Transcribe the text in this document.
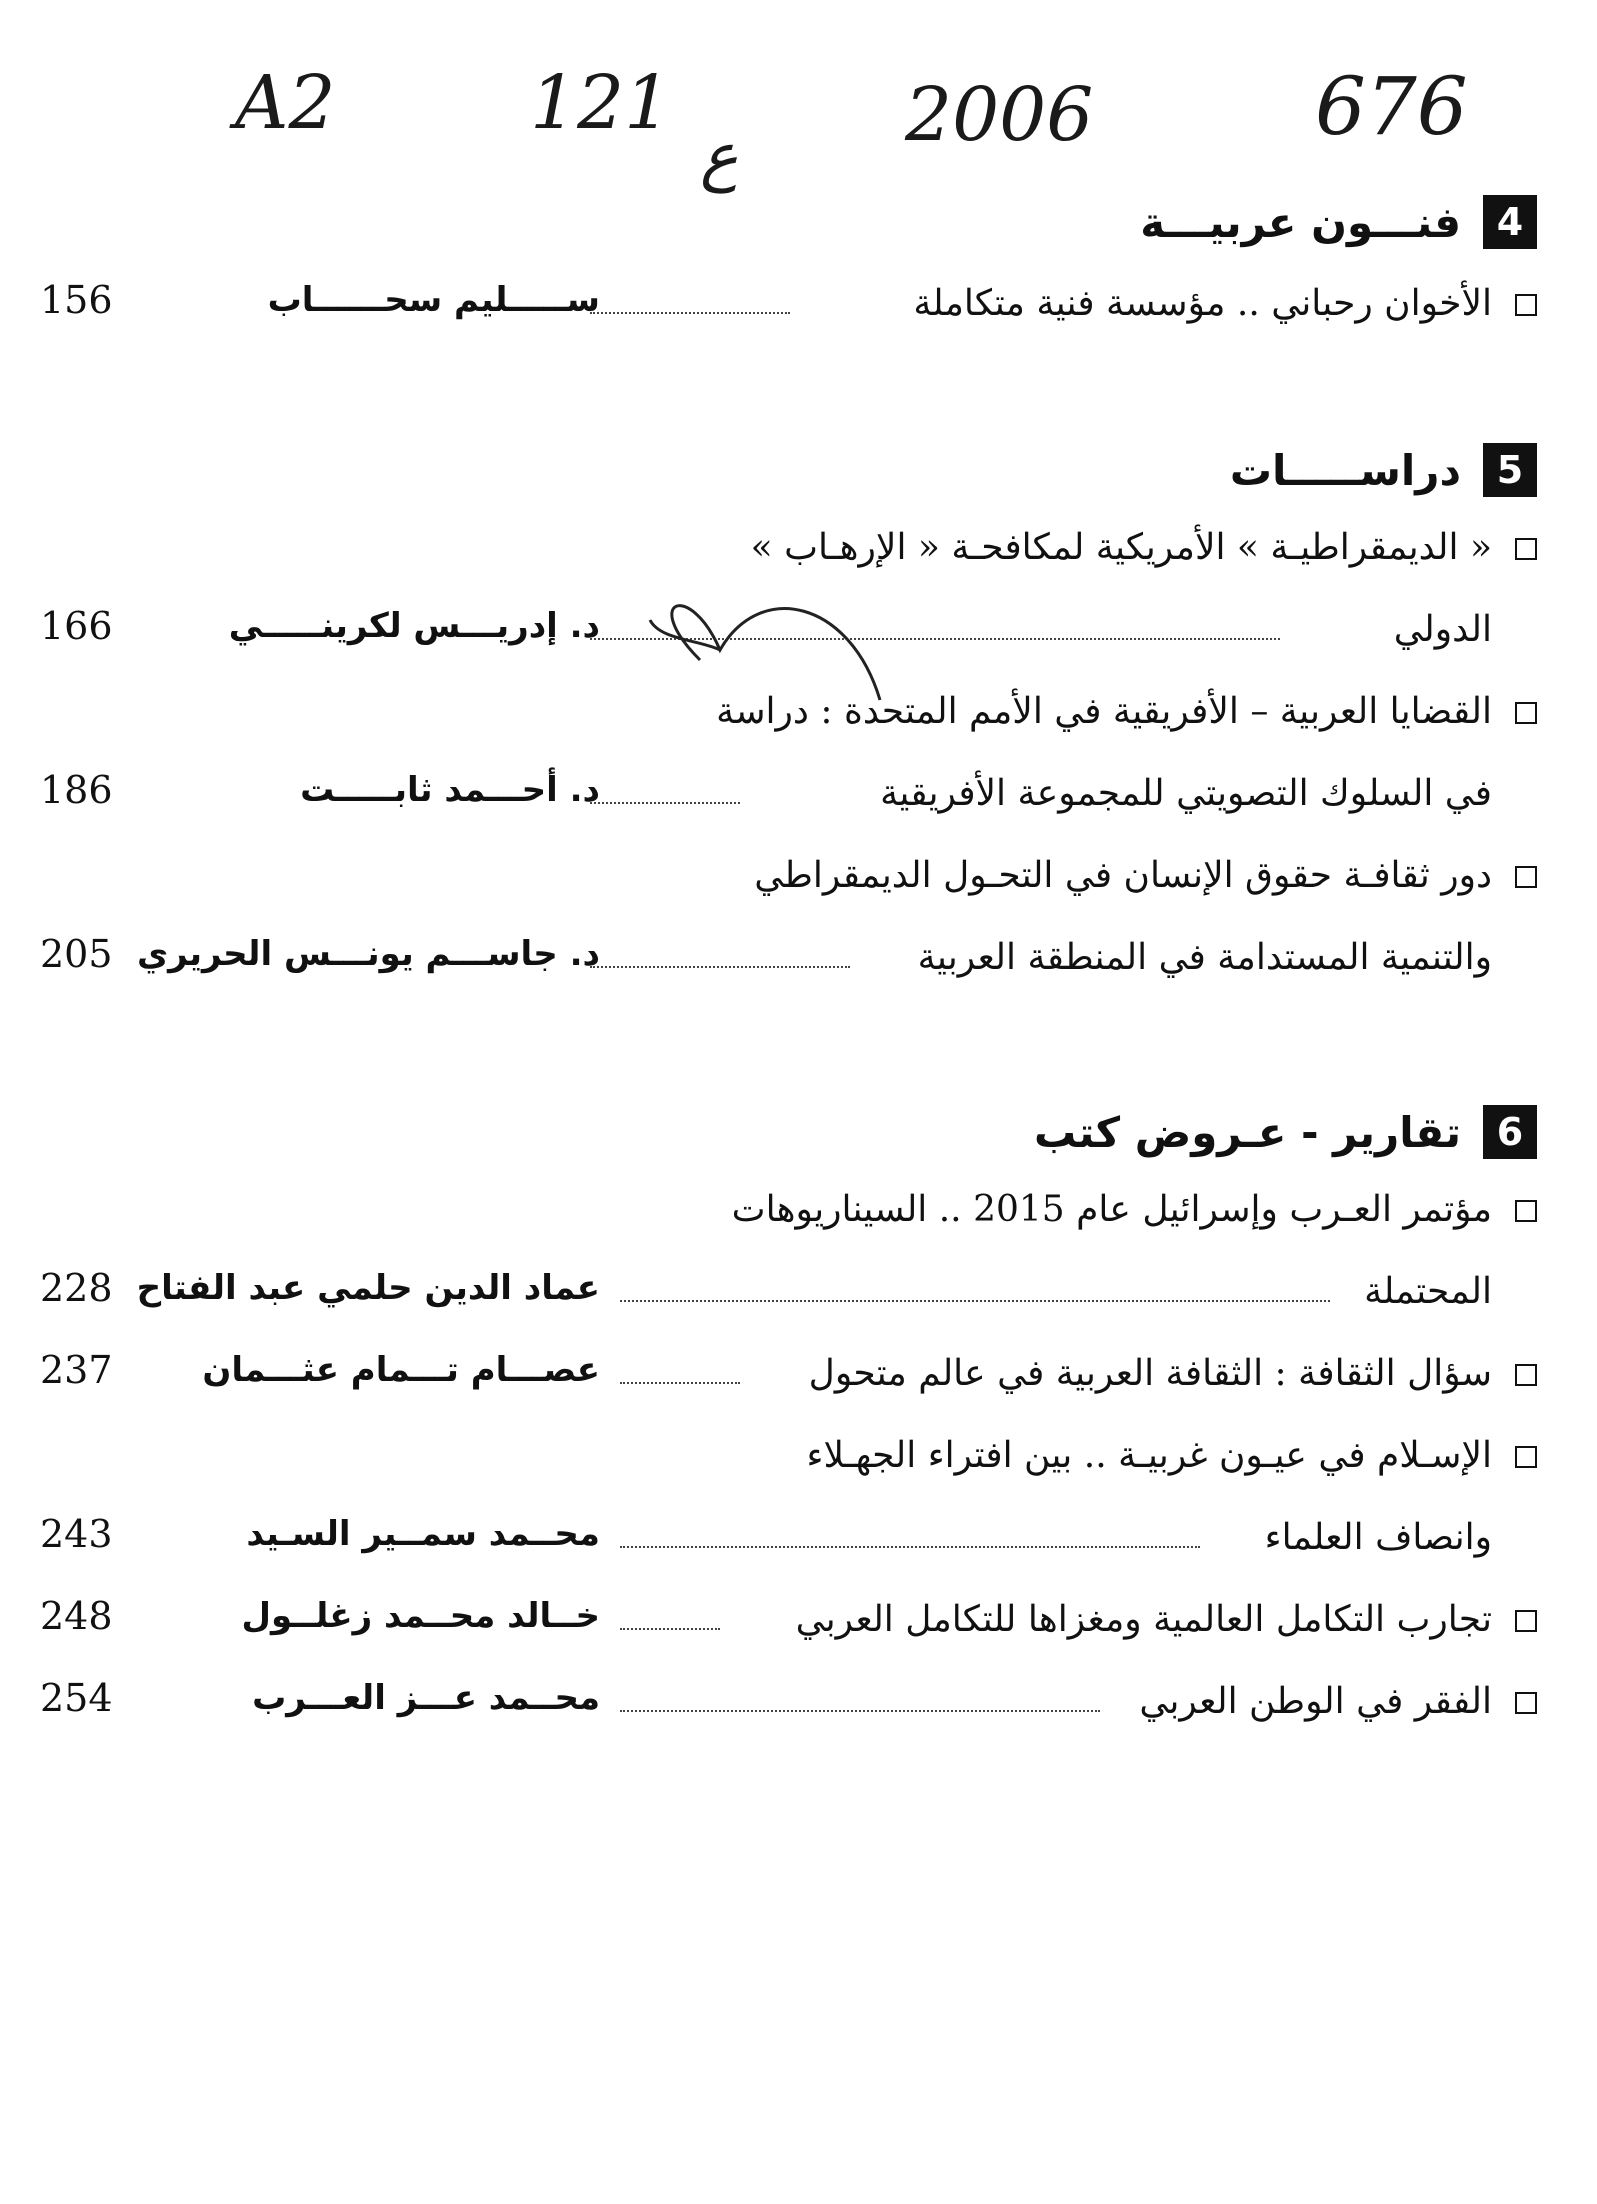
A2	121
ع 2006	676
4
فنـــون عربيـــة
الأخوان رحباني .. مؤسسة فنية متكاملة
ســـــليم سحــــــاب
156
5
دراســـــات
« الديمقراطيـة » الأمريكية لمكافحـة « الإرهـاب »
الدولي
د. إدريـــس لكرينـــــي
166
القضايا العربية – الأفريقية في الأمم المتحدة : دراسة
في السلوك التصويتي للمجموعة الأفريقية
د. أحـــمد ثابـــــت
186
دور ثقافـة حقوق الإنسان في التحـول الديمقراطي
والتنمية المستدامة في المنطقة العربية
د. جاســـم يونـــس الحريري
205
6
تقارير - عـروض كتب
مؤتمر العـرب وإسرائيل عام 2015 .. السيناريوهات
المحتملة
عماد الدين حلمي عبد الفتاح
228
سؤال الثقافة : الثقافة العربية في عالم متحول
عصـــام تـــمام عثـــمان
237
الإسـلام في عيـون غربيـة .. بين افتراء الجهـلاء
وانصاف العلماء
محــمد سمــير السـيد
243
تجارب التكامل العالمية ومغزاها للتكامل العربي
خــالد محــمد زغلــول
248
الفقر في الوطن العربي
محــمد عـــز العـــرب
254
